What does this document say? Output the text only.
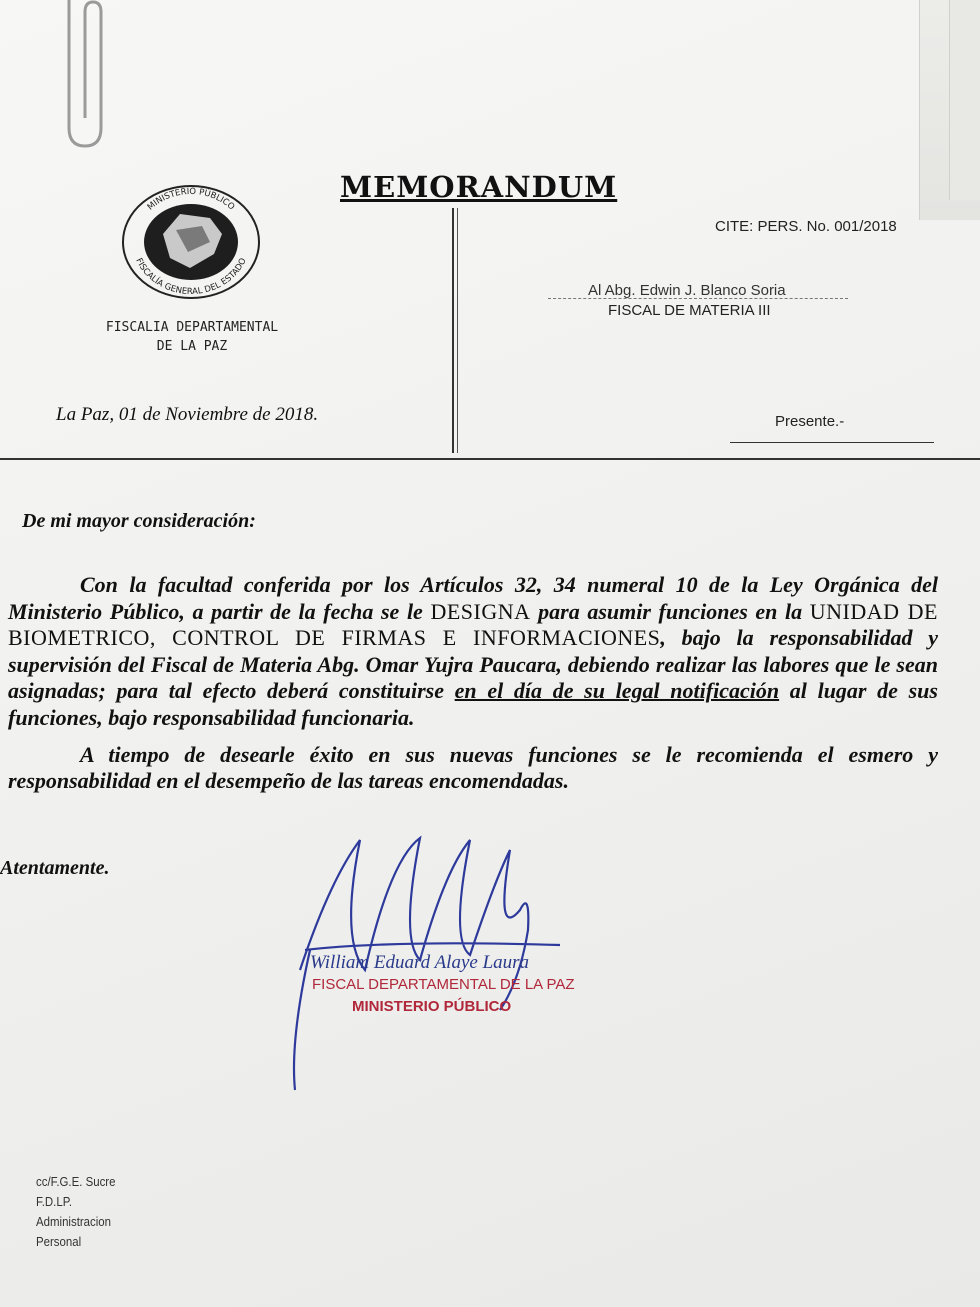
MEMORANDUM
CITE: PERS. No. 001/2018
MINISTERIO PÚBLICO
FISCALÍA GENERAL DEL ESTADO
FISCALIA DEPARTAMENTAL
DE LA PAZ
Al Abg. Edwin J. Blanco Soria
FISCAL DE MATERIA III
La Paz, 01 de Noviembre de 2018.	Presente.-
De mi mayor consideración:

Con la facultad conferida por los Artículos 32, 34 numeral 10 de la Ley Orgánica del Ministerio Público, a partir de la fecha se le DESIGNA para asumir funciones en la UNIDAD DE BIOMETRICO, CONTROL DE FIRMAS E INFORMACIONES, bajo la responsabilidad y supervisión del Fiscal de Materia Abg. Omar Yujra Paucara, debiendo realizar las labores que le sean asignadas; para tal efecto deberá constituirse en el día de su legal notificación al lugar de sus funciones, bajo responsabilidad funcionaria.

A tiempo de desearle éxito en sus nuevas funciones se le recomienda el esmero y responsabilidad en el desempeño de las tareas encomendadas.

Atentamente.
William Eduard Alaye Laura
FISCAL DEPARTAMENTAL DE LA PAZ
MINISTERIO PÚBLICO
cc/F.G.E. Sucre
F.D.LP.
Administracion
Personal
